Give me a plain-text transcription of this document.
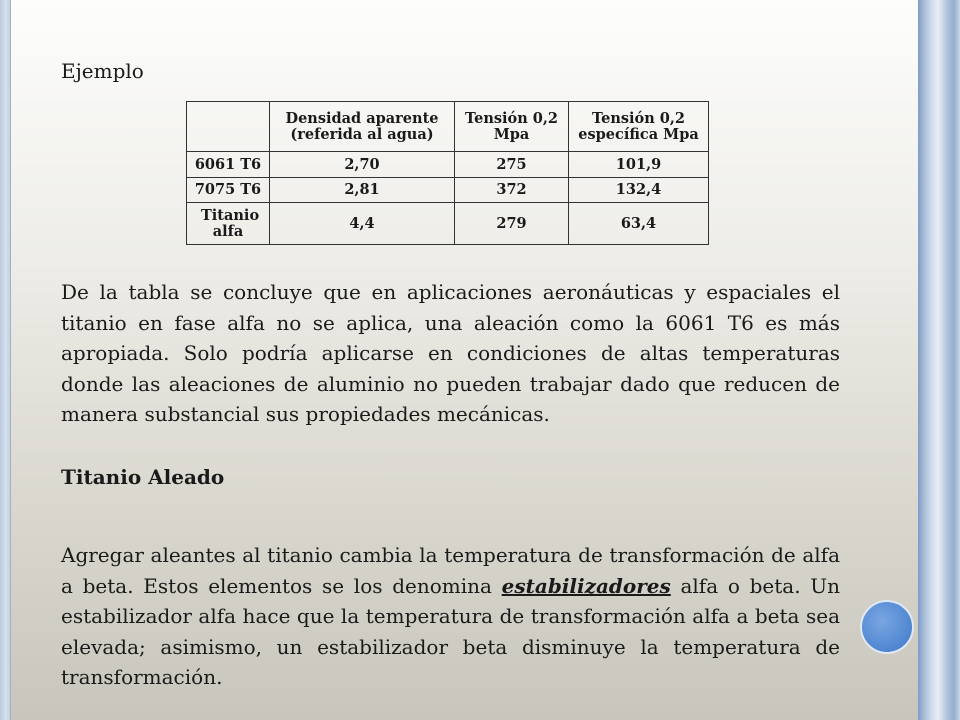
Ejemplo
	Densidad aparente (referida al agua)	Tensión 0,2 Mpa	Tensión 0,2 específica Mpa
6061 T6	2,70	275	101,9
7075 T6	2,81	372	132,4
Titanio alfa	4,4	279	63,4
De la tabla se concluye que en aplicaciones aeronáuticas y espaciales el titanio en fase alfa no se aplica, una aleación como la 6061 T6 es más apropiada. Solo podría aplicarse en condiciones de altas temperaturas donde las aleaciones de aluminio no pueden trabajar dado que reducen de manera substancial sus propiedades mecánicas.
Titanio Aleado
Agregar aleantes al titanio cambia la temperatura de transformación de alfa a beta. Estos elementos se los denomina estabilizadores alfa o beta. Un estabilizador alfa hace que la temperatura de transformación alfa a beta sea elevada; asimismo, un estabilizador beta disminuye la temperatura de transformación.
